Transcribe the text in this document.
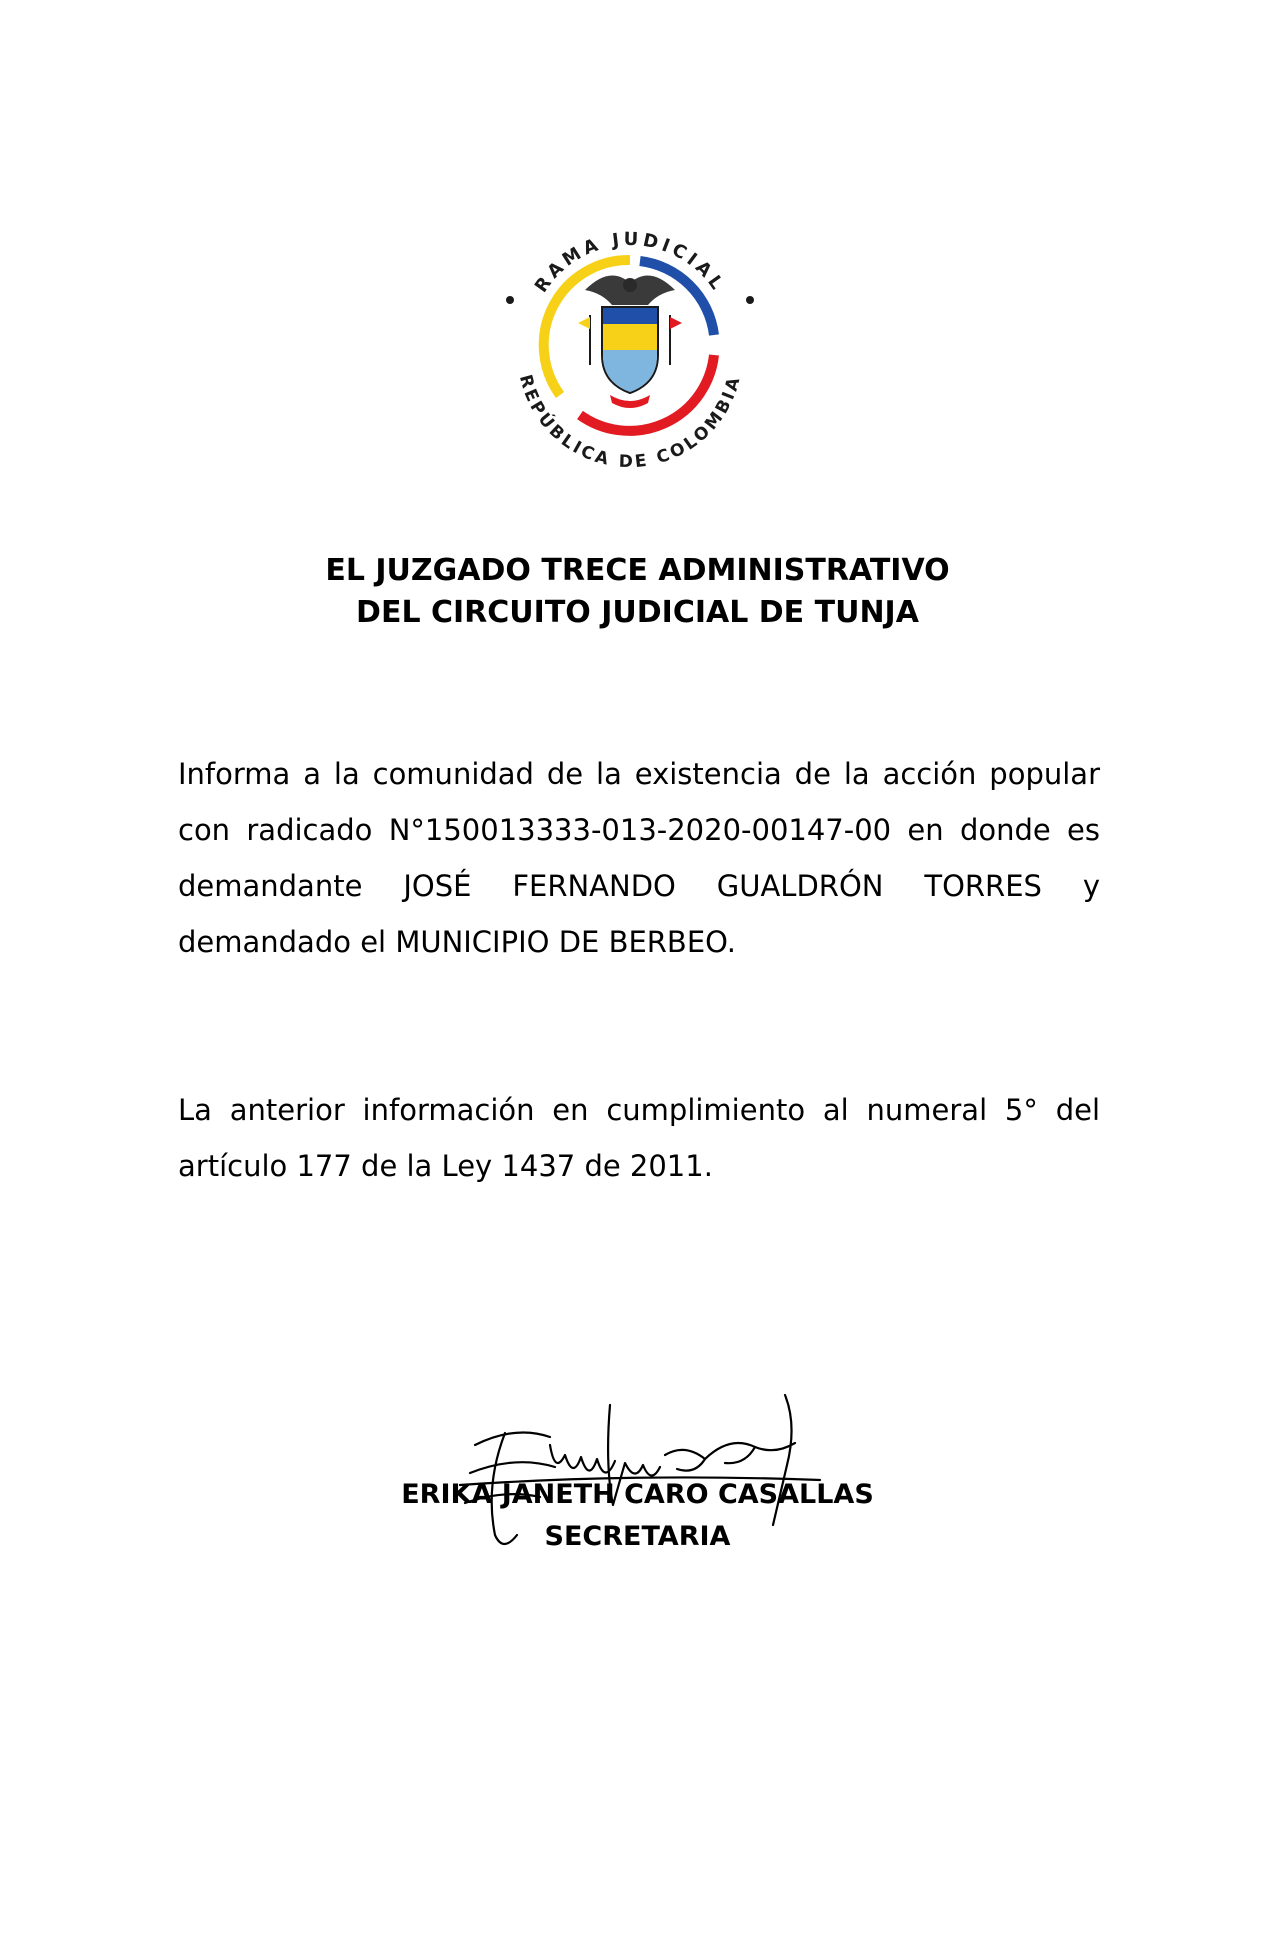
RAMA JUDICIAL
REPÚBLICA DE COLOMBIA
EL JUZGADO TRECE ADMINISTRATIVO
DEL CIRCUITO JUDICIAL DE TUNJA
Informa a la comunidad de la existencia de la acción popular con radicado N°150013333-013-2020-00147-00 en donde es demandante JOSÉ FERNANDO GUALDRÓN TORRES y demandado el MUNICIPIO DE BERBEO.
La anterior información en cumplimiento al numeral 5° del artículo 177 de la Ley 1437 de 2011.
ERIKA JANETH CARO CASALLAS
SECRETARIA
